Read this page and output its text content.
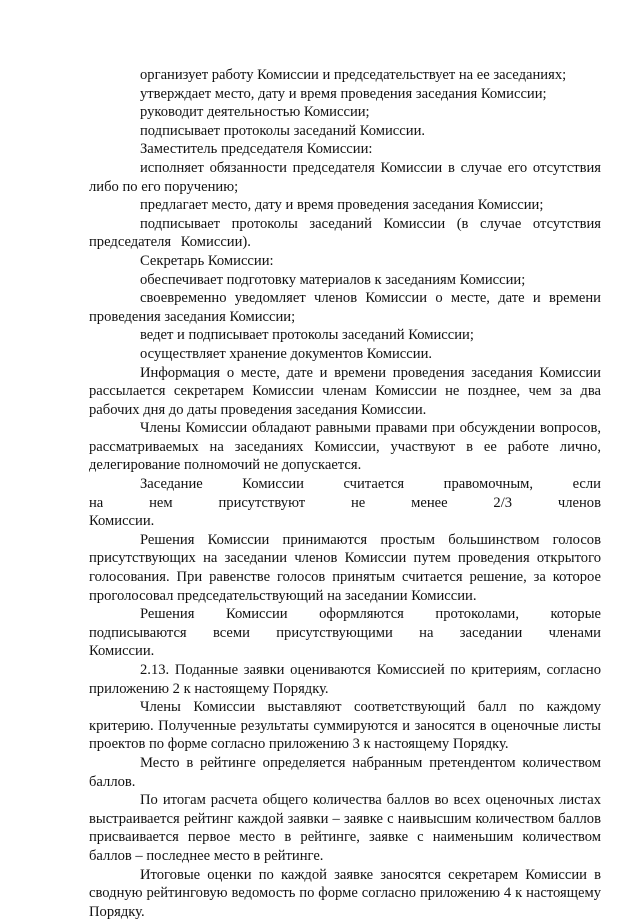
организует работу Комиссии и председательствует на ее заседаниях;

утверждает место, дату и время проведения заседания Комиссии;

руководит деятельностью Комиссии;

подписывает протоколы заседаний Комиссии.

Заместитель председателя Комиссии:

исполняет обязанности председателя Комиссии в случае его отсутствия либо по его поручению;

предлагает место, дату и время проведения заседания Комиссии;

подписывает протоколы заседаний Комиссии (в случае отсутствия председателя Комиссии).

Секретарь Комиссии:

обеспечивает подготовку материалов к заседаниям Комиссии;

своевременно уведомляет членов Комиссии о месте, дате и времени проведения заседания Комиссии;

ведет и подписывает протоколы заседаний Комиссии;

осуществляет хранение документов Комиссии.

Информация о месте, дате и времени проведения заседания Комиссии рассылается секретарем Комиссии членам Комиссии не позднее, чем за два рабочих дня до даты проведения заседания Комиссии.

Члены Комиссии обладают равными правами при обсуждении вопросов, рассматриваемых на заседаниях Комиссии, участвуют в ее работе лично, делегирование полномочий не допускается.

Заседание Комиссии считается правомочным, если на нем присутствуют не менее 2/3 членов Комиссии.

Решения Комиссии принимаются простым большинством голосов присутствующих на заседании членов Комиссии путем проведения открытого голосования. При равенстве голосов принятым считается решение, за которое проголосовал председательствующий на заседании Комиссии.

Решения Комиссии оформляются протоколами, которые подписываются всеми присутствующими на заседании членами Комиссии.

2.13. Поданные заявки оцениваются Комиссией по критериям, согласно приложению 2 к настоящему Порядку.

Члены Комиссии выставляют соответствующий балл по каждому критерию. Полученные результаты суммируются и заносятся в оценочные листы проектов по форме согласно приложению 3 к настоящему Порядку.

Место в рейтинге определяется набранным претендентом количеством баллов.

По итогам расчета общего количества баллов во всех оценочных листах выстраивается рейтинг каждой заявки – заявке с наивысшим количеством баллов присваивается первое место в рейтинге, заявке с наименьшим количеством баллов – последнее место в рейтинге.

Итоговые оценки по каждой заявке заносятся секретарем Комиссии в сводную рейтинговую ведомость по форме согласно приложению 4 к настоящему Порядку.
